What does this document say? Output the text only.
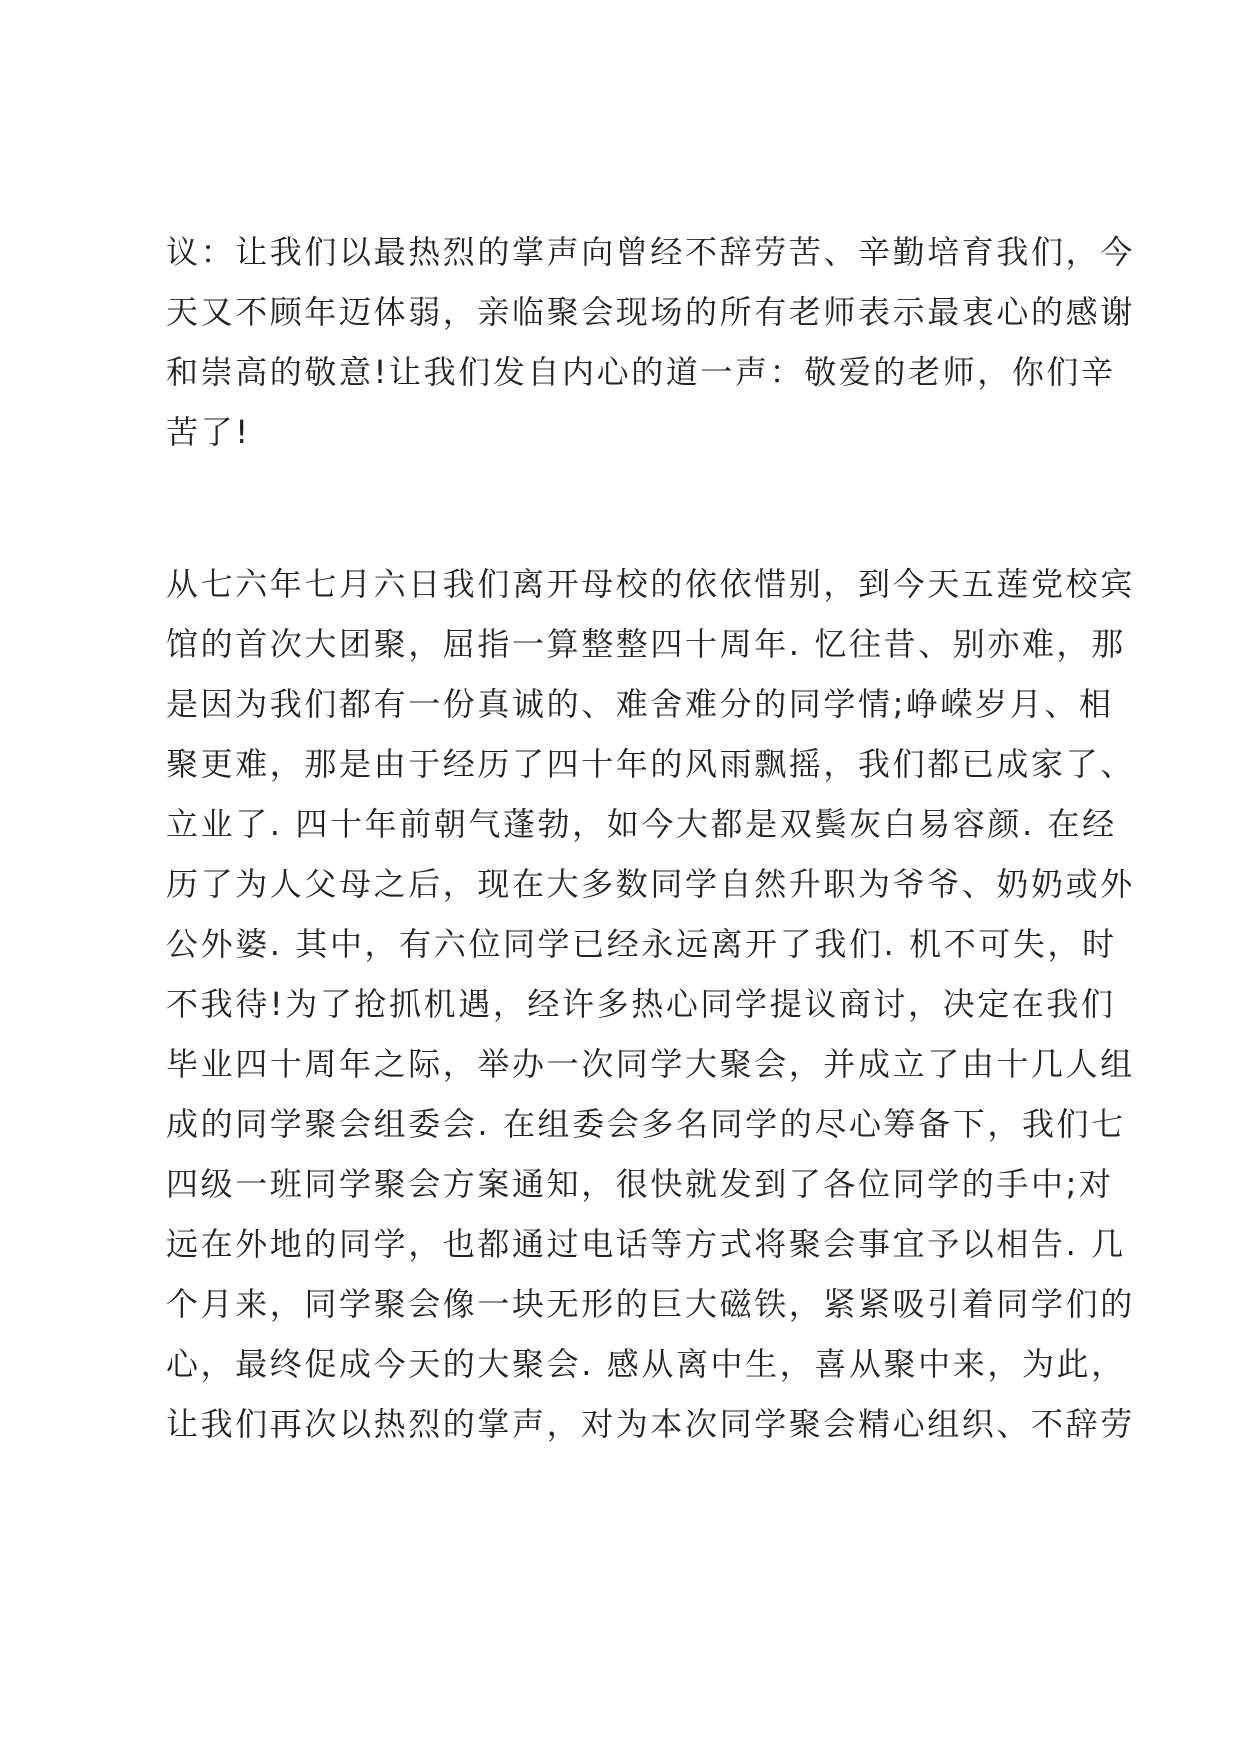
议：让我们以最热烈的掌声向曾经不辞劳苦、辛勤培育我们，今
天又不顾年迈体弱，亲临聚会现场的所有老师表示最衷心的感谢
和崇高的敬意!让我们发自内心的道一声：敬爱的老师，你们辛
苦了!

从七六年七月六日我们离开母校的依依惜别，到今天五莲党校宾
馆的首次大团聚，屈指一算整整四十周年. 忆往昔、别亦难，那
是因为我们都有一份真诚的、难舍难分的同学情;峥嵘岁月、相
聚更难，那是由于经历了四十年的风雨飘摇，我们都已成家了、
立业了. 四十年前朝气蓬勃，如今大都是双鬓灰白易容颜. 在经
历了为人父母之后，现在大多数同学自然升职为爷爷、奶奶或外
公外婆. 其中，有六位同学已经永远离开了我们. 机不可失，时
不我待!为了抢抓机遇，经许多热心同学提议商讨，决定在我们
毕业四十周年之际，举办一次同学大聚会，并成立了由十几人组
成的同学聚会组委会. 在组委会多名同学的尽心筹备下，我们七
四级一班同学聚会方案通知，很快就发到了各位同学的手中;对
远在外地的同学，也都通过电话等方式将聚会事宜予以相告. 几
个月来，同学聚会像一块无形的巨大磁铁，紧紧吸引着同学们的
心，最终促成今天的大聚会. 感从离中生，喜从聚中来，为此，
让我们再次以热烈的掌声，对为本次同学聚会精心组织、不辞劳
